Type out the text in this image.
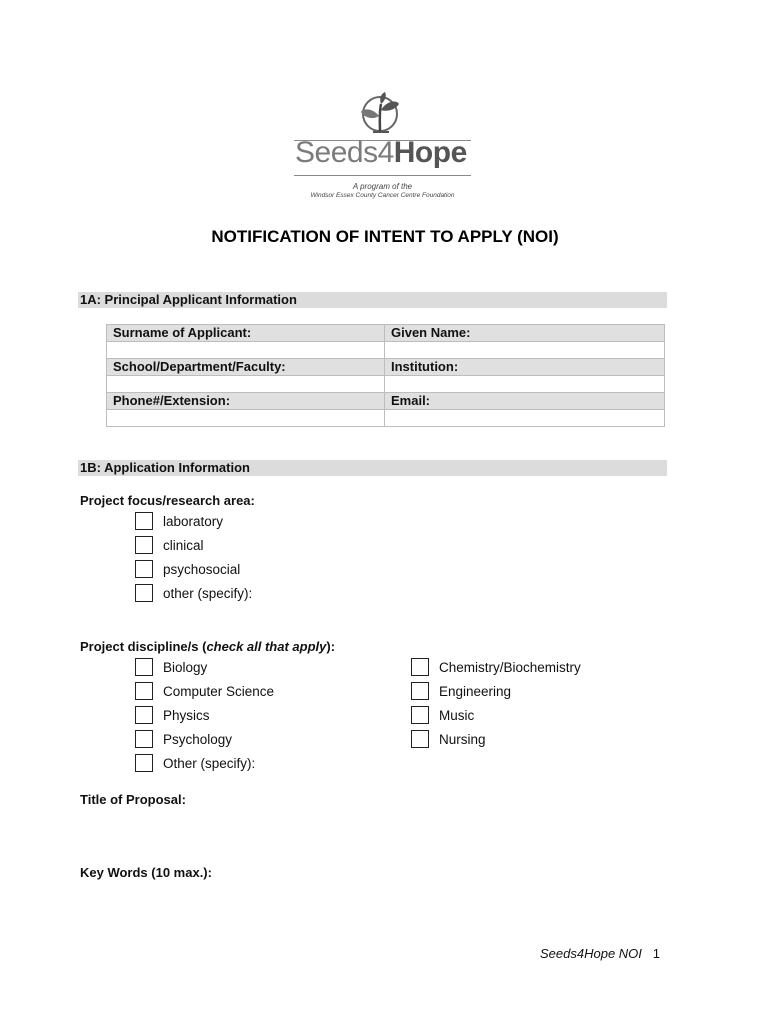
Seeds4Hope
A program of the
Windsor Essex County Cancer Centre Foundation
NOTIFICATION OF INTENT TO APPLY (NOI)
1A: Principal Applicant Information
Surname of Applicant:	Given Name:

School/Department/Faculty:	Institution:

Phone#/Extension:	Email:

1B: Application Information
Project focus/research area:
laboratory
clinical
psychosocial
other (specify):
Project discipline/s (check all that apply):
Biology
Computer Science
Physics
Psychology
Other (specify):
Chemistry/Biochemistry
Engineering
Music
Nursing
Title of Proposal:
Key Words (10 max.):
Seeds4Hope NOI 1
